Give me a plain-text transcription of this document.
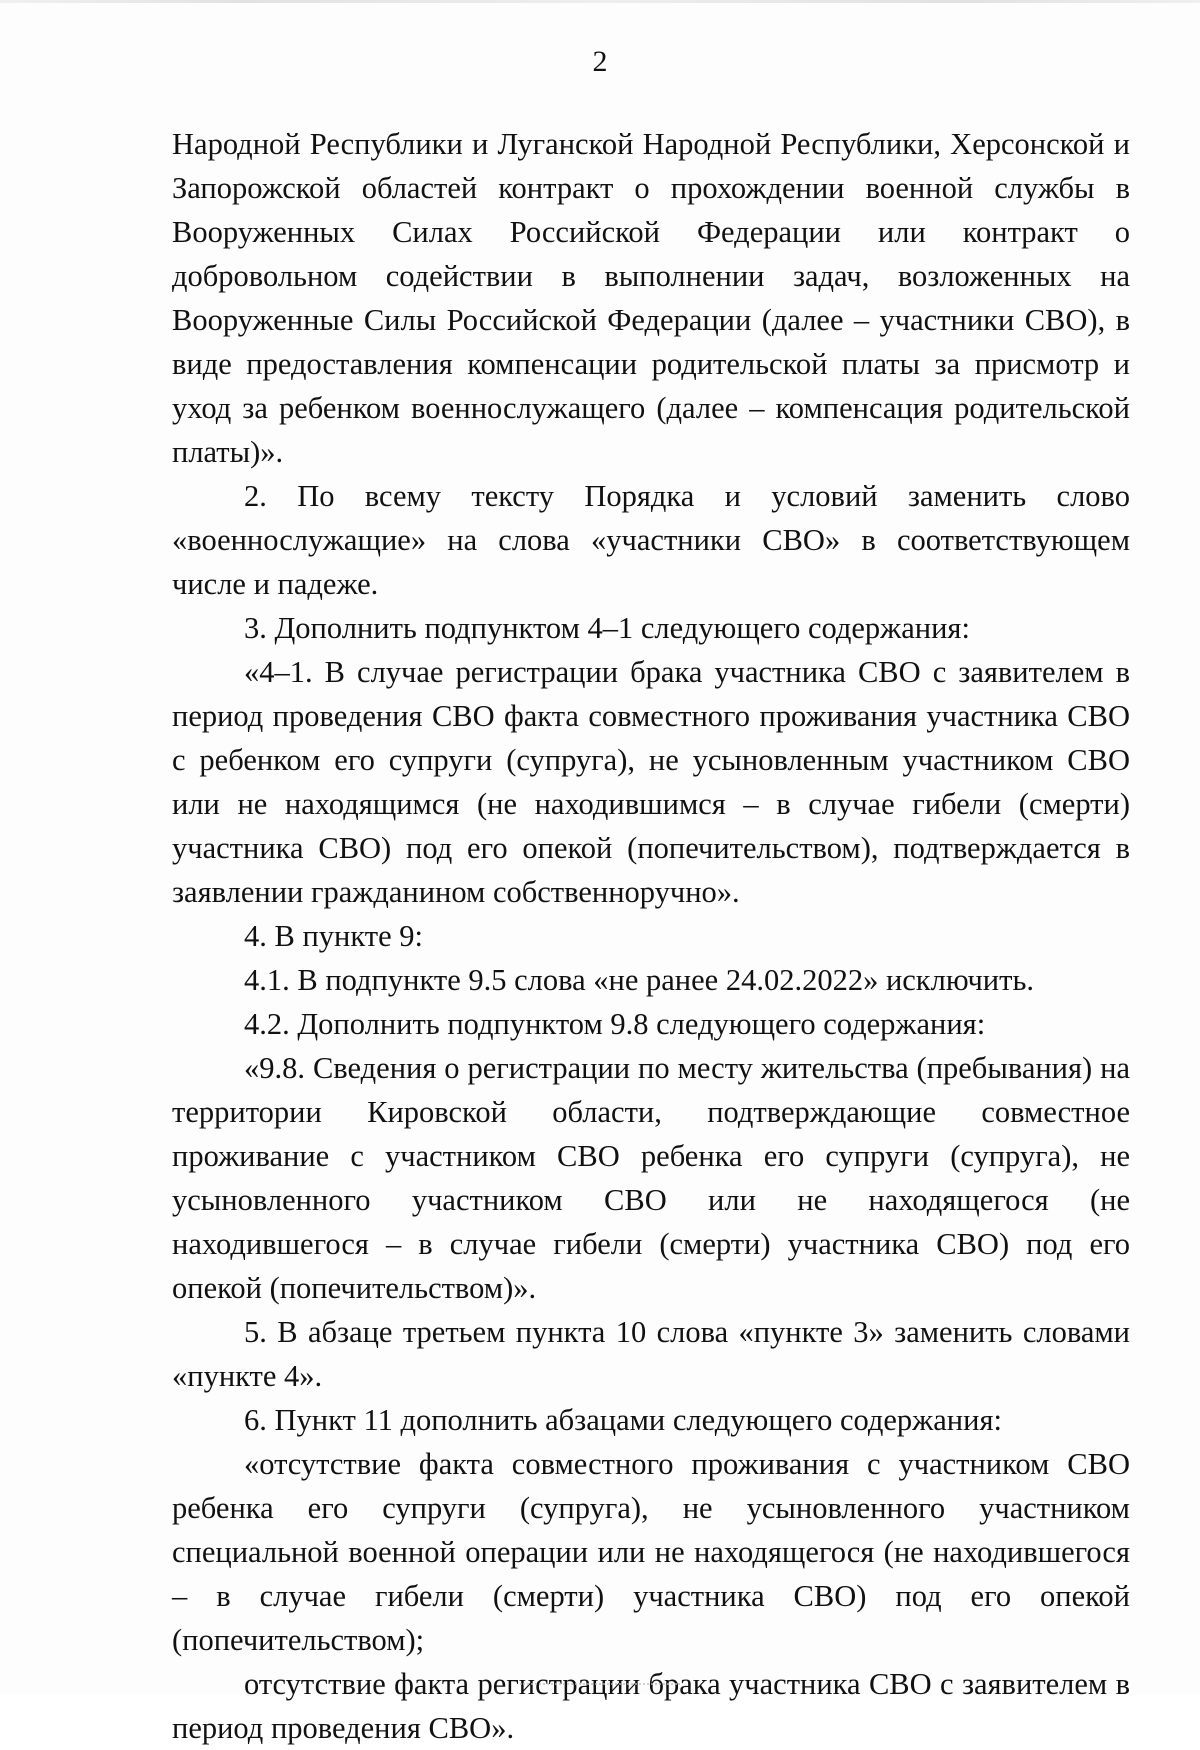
2

Народной Республики и Луганской Народной Республики, Херсонской и Запорожской областей контракт о прохождении военной службы в Вооруженных Силах Российской Федерации или контракт о добровольном содействии в выполнении задач, возложенных на Вооруженные Силы Российской Федерации (далее – участники СВО), в виде предоставления компенсации родительской платы за присмотр и уход за ребенком военнослужащего (далее – компенсация родительской платы)».

2. По всему тексту Порядка и условий заменить слово «военнослужащие» на слова «участники СВО» в соответствующем числе и падеже.

3. Дополнить подпунктом 4–1 следующего содержания:

«4–1. В случае регистрации брака участника СВО с заявителем в период проведения СВО факта совместного проживания участника СВО с ребенком его супруги (супруга), не усыновленным участником СВО или не находящимся (не находившимся – в случае гибели (смерти) участника СВО) под его опекой (попечительством), подтверждается в заявлении гражданином собственноручно».

4. В пункте 9:

4.1. В подпункте 9.5 слова «не ранее 24.02.2022» исключить.

4.2. Дополнить подпунктом 9.8 следующего содержания:

«9.8. Сведения о регистрации по месту жительства (пребывания) на территории Кировской области, подтверждающие совместное проживание с участником СВО ребенка его супруги (супруга), не усыновленного участником СВО или не находящегося (не находившегося – в случае гибели (смерти) участника СВО) под его опекой (попечительством)».

5. В абзаце третьем пункта 10 слова «пункте 3» заменить словами «пункте 4».

6. Пункт 11 дополнить абзацами следующего содержания:

«отсутствие факта совместного проживания с участником СВО ребенка его супруги (супруга), не усыновленного участником специальной военной операции или не находящегося (не находившегося – в случае гибели (смерти) участника СВО) под его опекой (попечительством);

отсутствие факта регистрации брака участника СВО с заявителем в период проведения СВО».
